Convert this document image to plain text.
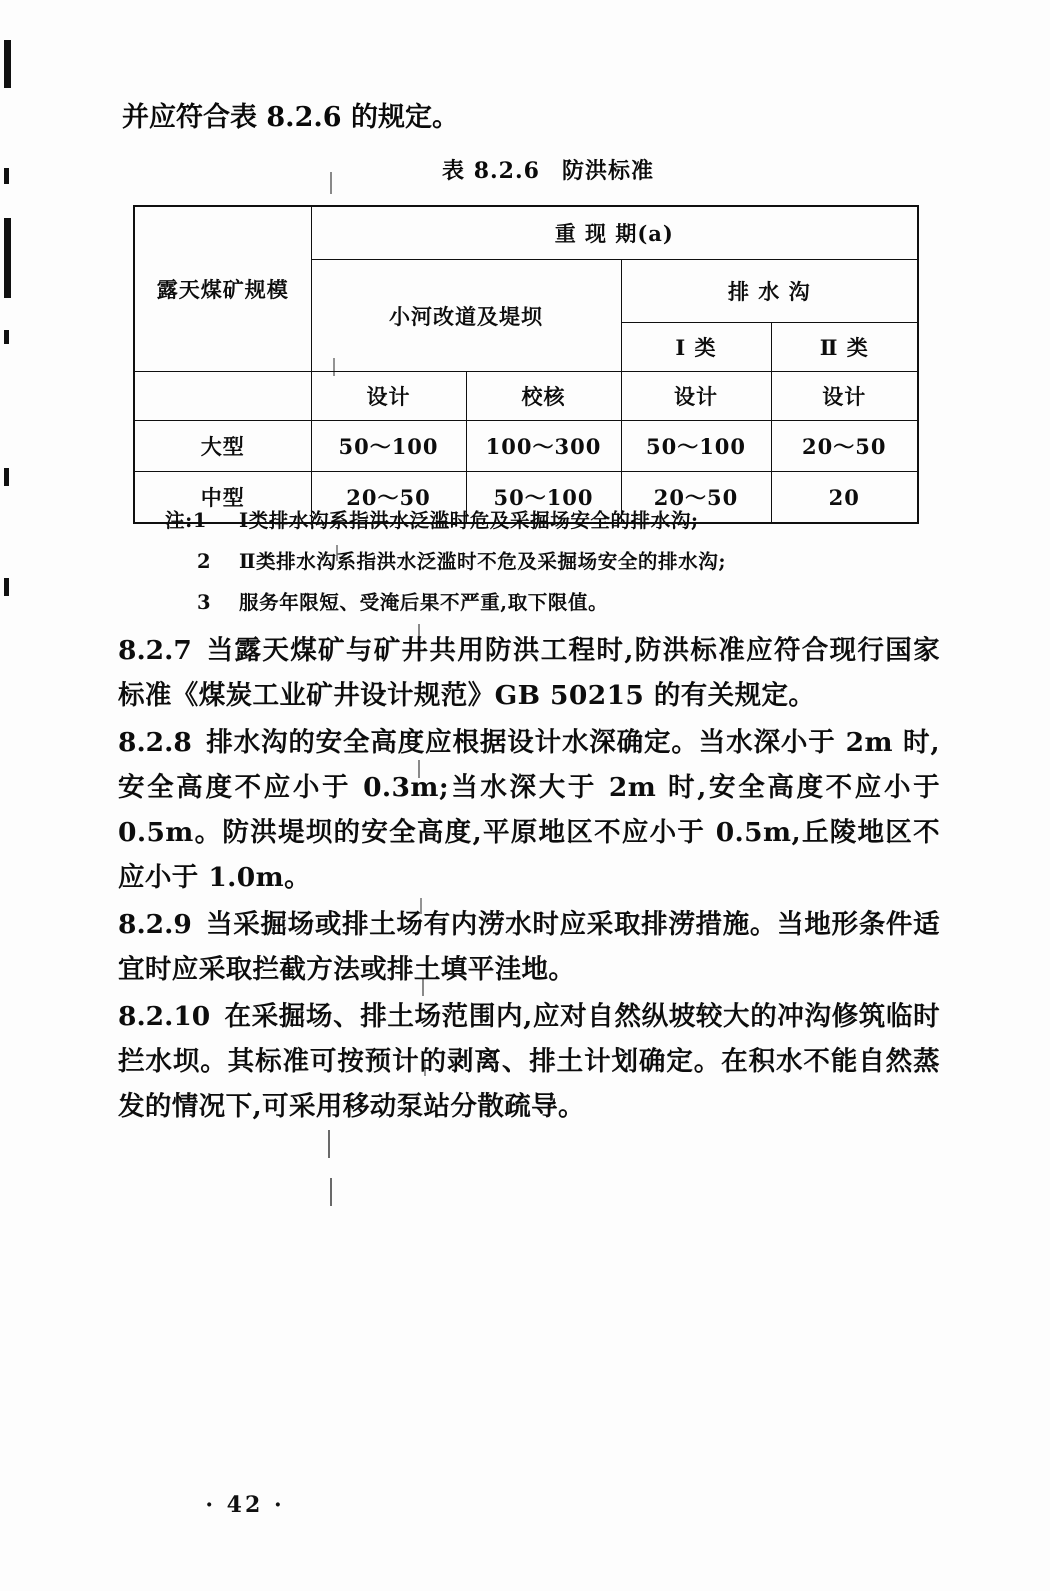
并应符合表 8.2.6 的规定。
表 8.2.6 防洪标准
露天煤矿规模	重 现 期(a)			
	小河改道及堤坝		排 水 沟	
			Ⅰ 类	Ⅱ 类
	设计	校核	设计	设计
大型	50～100	100～300	50～100	20～50
中型	20～50	50～100	20～50	20
注:1 Ⅰ类排水沟系指洪水泛滥时危及采掘场安全的排水沟;
2 Ⅱ类排水沟系指洪水泛滥时不危及采掘场安全的排水沟;
3 服务年限短、受淹后果不严重,取下限值。

8.2.7 当露天煤矿与矿井共用防洪工程时,防洪标准应符合现行国家标准《煤炭工业矿井设计规范》GB 50215 的有关规定。

8.2.8 排水沟的安全高度应根据设计水深确定。当水深小于 2m 时,安全高度不应小于 0.3m;当水深大于 2m 时,安全高度不应小于 0.5m。防洪堤坝的安全高度,平原地区不应小于 0.5m,丘陵地区不应小于 1.0m。

8.2.9 当采掘场或排土场有内涝水时应采取排涝措施。当地形条件适宜时应采取拦截方法或排土填平洼地。

8.2.10 在采掘场、排土场范围内,应对自然纵坡较大的冲沟修筑临时拦水坝。其标准可按预计的剥离、排土计划确定。在积水不能自然蒸发的情况下,可采用移动泵站分散疏导。

· 42 ·
